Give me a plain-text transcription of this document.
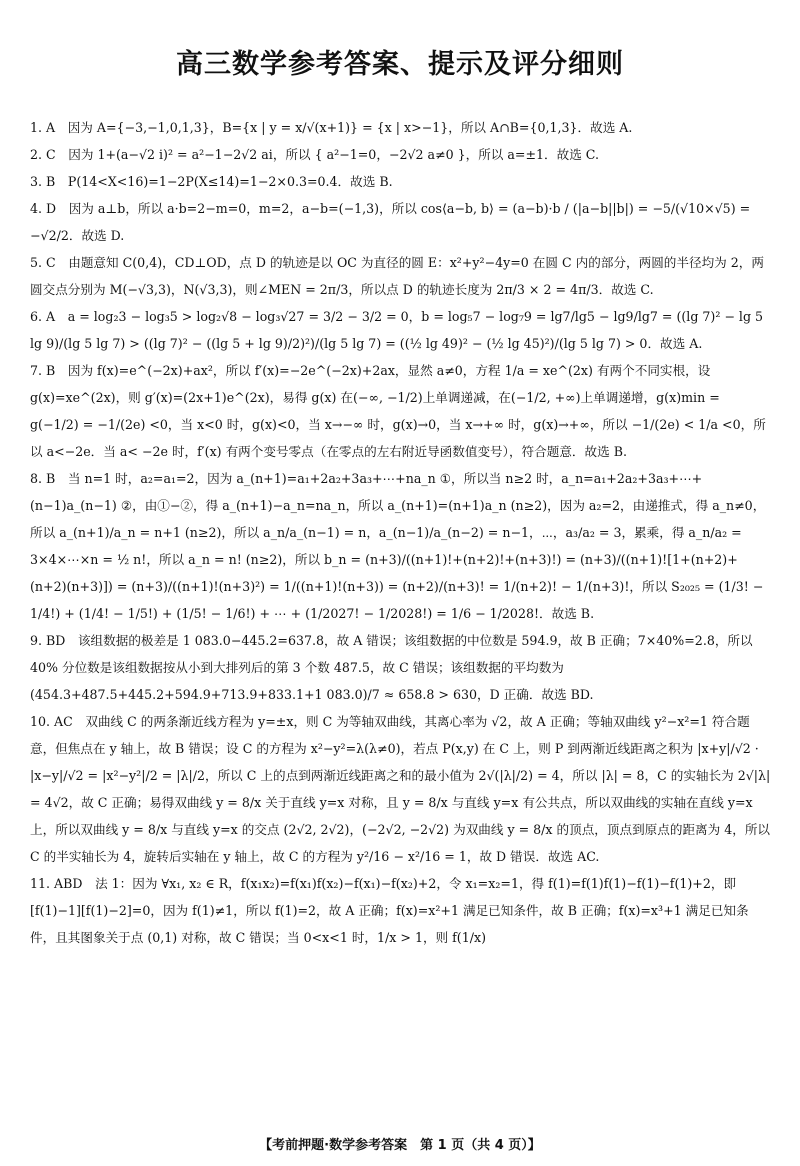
高三数学参考答案、提示及评分细则

1. A　因为 A={−3,−1,0,1,3}，B={x | y = x/√(x+1)} = {x | x>−1}，所以 A∩B={0,1,3}．故选 A.

2. C　因为 1+(a−√2 i)² = a²−1−2√2 ai，所以 { a²−1=0，−2√2 a≠0 }，所以 a=±1．故选 C.

3. B　P(14<X<16)=1−2P(X≤14)=1−2×0.3=0.4．故选 B.

4. D　因为 a⊥b，所以 a·b=2−m=0，m=2，a−b=(−1,3)，所以 cos⟨a−b, b⟩ = (a−b)·b / (|a−b||b|) = −5/(√10×√5) = −√2/2．故选 D.

5. C　由题意知 C(0,4)，CD⊥OD，点 D 的轨迹是以 OC 为直径的圆 E：x²+y²−4y=0 在圆 C 内的部分，两圆的半径均为 2，两圆交点分别为 M(−√3,3)，N(√3,3)，则∠MEN = 2π/3，所以点 D 的轨迹长度为 2π/3 × 2 = 4π/3．故选 C.

6. A　a = log₂3 − log₃5 > log₂√8 − log₃√27 = 3/2 − 3/2 = 0，b = log₅7 − log₇9 = lg7/lg5 − lg9/lg7 = ((lg 7)² − lg 5 lg 9)/(lg 5 lg 7) > ((lg 7)² − ((lg 5 + lg 9)/2)²)/(lg 5 lg 7) = ((½ lg 49)² − (½ lg 45)²)/(lg 5 lg 7) > 0．故选 A.

7. B　因为 f(x)=e^(−2x)+ax²，所以 f′(x)=−2e^(−2x)+2ax，显然 a≠0，方程 1/a = xe^(2x) 有两个不同实根，设 g(x)=xe^(2x)，则 g′(x)=(2x+1)e^(2x)，易得 g(x) 在(−∞, −1/2)上单调递减，在(−1/2, +∞)上单调递增，g(x)min = g(−1/2) = −1/(2e) <0，当 x<0 时，g(x)<0，当 x→−∞ 时，g(x)→0，当 x→+∞ 时，g(x)→+∞，所以 −1/(2e) < 1/a <0，所以 a<−2e．当 a< −2e 时，f′(x) 有两个变号零点（在零点的左右附近导函数值变号），符合题意．故选 B.

8. B　当 n=1 时，a₂=a₁=2，因为 a_(n+1)=a₁+2a₂+3a₃+⋯+na_n ①，所以当 n≥2 时，a_n=a₁+2a₂+3a₃+⋯+(n−1)a_(n−1) ②，由①−②，得 a_(n+1)−a_n=na_n，所以 a_(n+1)=(n+1)a_n (n≥2)，因为 a₂=2，由递推式，得 a_n≠0，所以 a_(n+1)/a_n = n+1 (n≥2)，所以 a_n/a_(n−1) = n，a_(n−1)/a_(n−2) = n−1，⋯，a₃/a₂ = 3，累乘，得 a_n/a₂ = 3×4×⋯×n = ½ n!，所以 a_n = n! (n≥2)，所以 b_n = (n+3)/((n+1)!+(n+2)!+(n+3)!) = (n+3)/((n+1)![1+(n+2)+(n+2)(n+3)]) = (n+3)/((n+1)!(n+3)²) = 1/((n+1)!(n+3)) = (n+2)/(n+3)! = 1/(n+2)! − 1/(n+3)!，所以 S₂₀₂₅ = (1/3! − 1/4!) + (1/4! − 1/5!) + (1/5! − 1/6!) + ⋯ + (1/2027! − 1/2028!) = 1/6 − 1/2028!．故选 B.

9. BD　该组数据的极差是 1 083.0−445.2=637.8，故 A 错误；该组数据的中位数是 594.9，故 B 正确；7×40%=2.8，所以 40% 分位数是该组数据按从小到大排列后的第 3 个数 487.5，故 C 错误；该组数据的平均数为 (454.3+487.5+445.2+594.9+713.9+833.1+1 083.0)/7 ≈ 658.8 > 630，D 正确．故选 BD.

10. AC　双曲线 C 的两条渐近线方程为 y=±x，则 C 为等轴双曲线，其离心率为 √2，故 A 正确；等轴双曲线 y²−x²=1 符合题意，但焦点在 y 轴上，故 B 错误；设 C 的方程为 x²−y²=λ(λ≠0)，若点 P(x,y) 在 C 上，则 P 到两渐近线距离之积为 |x+y|/√2 · |x−y|/√2 = |x²−y²|/2 = |λ|/2，所以 C 上的点到两渐近线距离之和的最小值为 2√(|λ|/2) = 4，所以 |λ| = 8，C 的实轴长为 2√|λ| = 4√2，故 C 正确；易得双曲线 y = 8/x 关于直线 y=x 对称，且 y = 8/x 与直线 y=x 有公共点，所以双曲线的实轴在直线 y=x 上，所以双曲线 y = 8/x 与直线 y=x 的交点 (2√2, 2√2)，(−2√2, −2√2) 为双曲线 y = 8/x 的顶点，顶点到原点的距离为 4，所以 C 的半实轴长为 4，旋转后实轴在 y 轴上，故 C 的方程为 y²/16 − x²/16 = 1，故 D 错误．故选 AC.

11. ABD　法 1：因为 ∀x₁, x₂ ∈ R，f(x₁x₂)=f(x₁)f(x₂)−f(x₁)−f(x₂)+2，令 x₁=x₂=1，得 f(1)=f(1)f(1)−f(1)−f(1)+2，即 [f(1)−1][f(1)−2]=0，因为 f(1)≠1，所以 f(1)=2，故 A 正确；f(x)=x²+1 满足已知条件，故 B 正确；f(x)=x³+1 满足已知条件，且其图象关于点 (0,1) 对称，故 C 错误；当 0<x<1 时，1/x > 1，则 f(1/x)

【考前押题·数学参考答案　第 1 页（共 4 页）】
